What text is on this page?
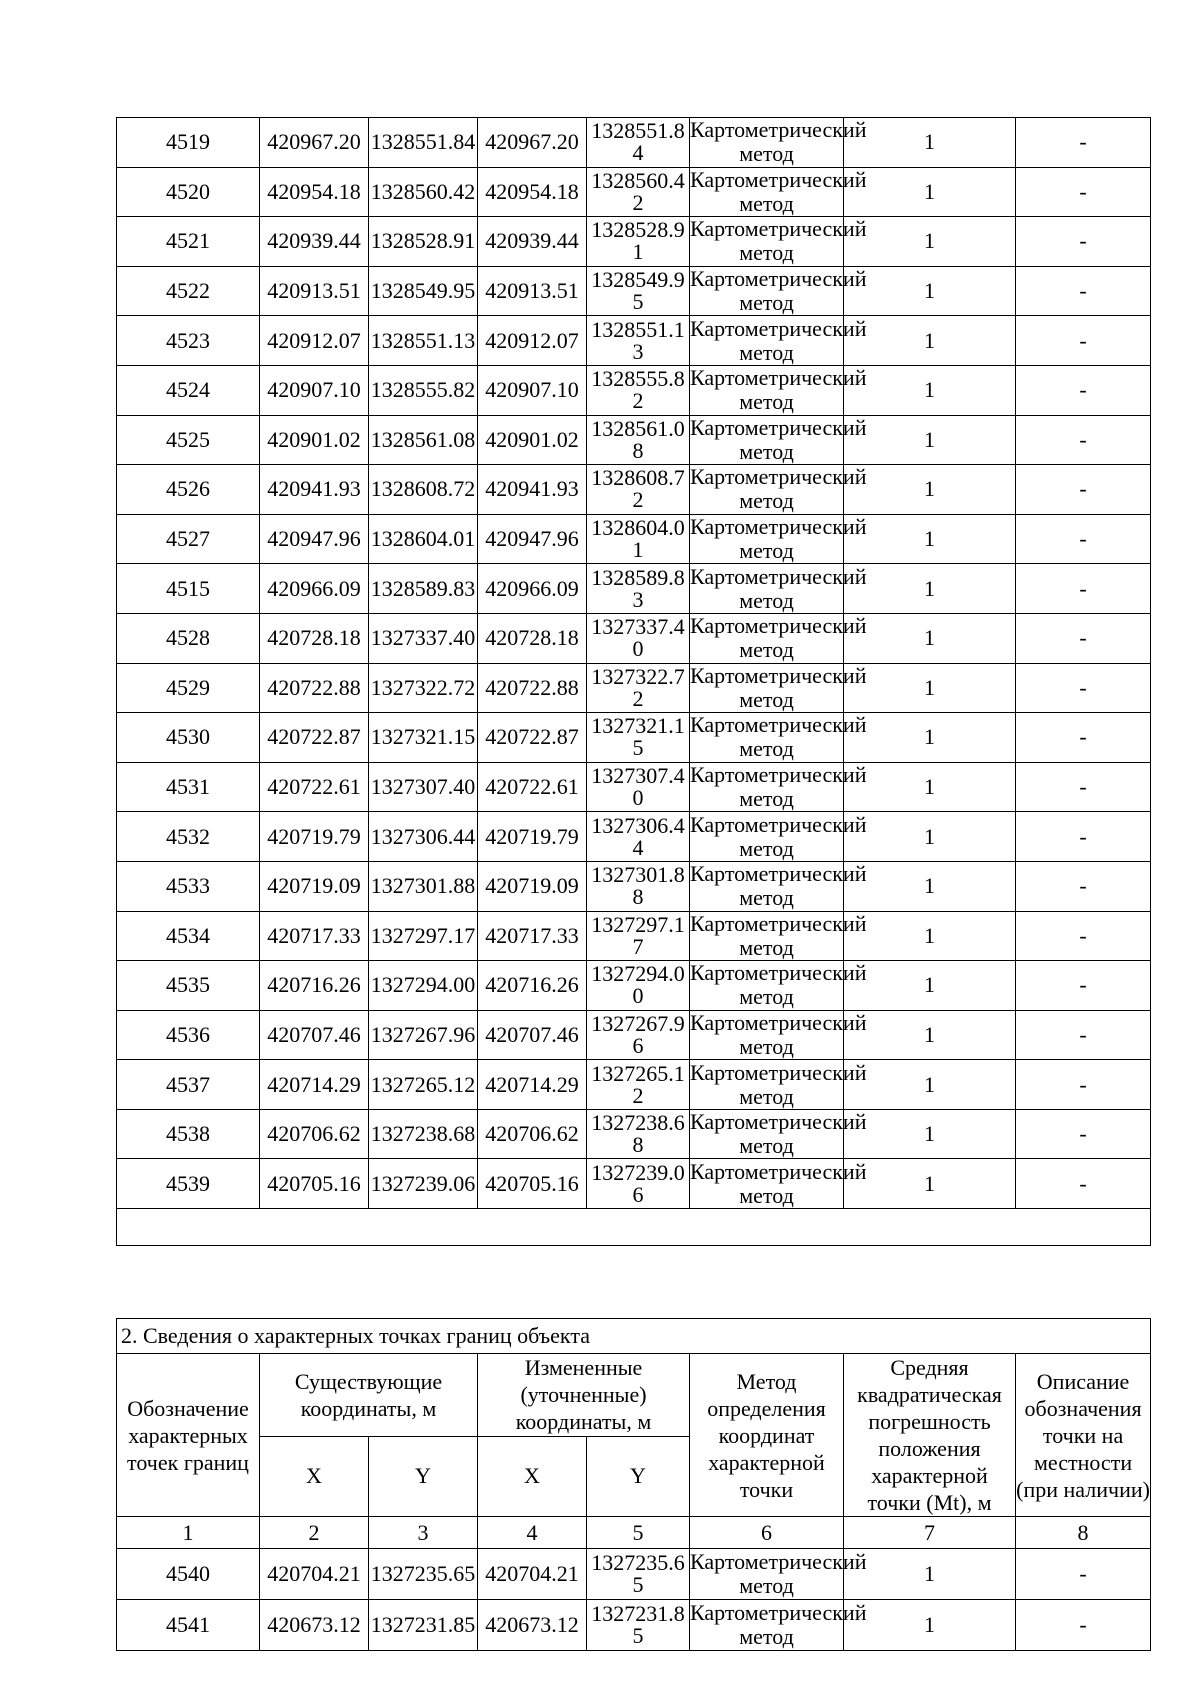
4519	420967.20	1328551.84	420967.20	1328551.84	Картометрический метод	1	-
4520	420954.18	1328560.42	420954.18	1328560.42	Картометрический метод	1	-
4521	420939.44	1328528.91	420939.44	1328528.91	Картометрический метод	1	-
4522	420913.51	1328549.95	420913.51	1328549.95	Картометрический метод	1	-
4523	420912.07	1328551.13	420912.07	1328551.13	Картометрический метод	1	-
4524	420907.10	1328555.82	420907.10	1328555.82	Картометрический метод	1	-
4525	420901.02	1328561.08	420901.02	1328561.08	Картометрический метод	1	-
4526	420941.93	1328608.72	420941.93	1328608.72	Картометрический метод	1	-
4527	420947.96	1328604.01	420947.96	1328604.01	Картометрический метод	1	-
4515	420966.09	1328589.83	420966.09	1328589.83	Картометрический метод	1	-
4528	420728.18	1327337.40	420728.18	1327337.40	Картометрический метод	1	-
4529	420722.88	1327322.72	420722.88	1327322.72	Картометрический метод	1	-
4530	420722.87	1327321.15	420722.87	1327321.15	Картометрический метод	1	-
4531	420722.61	1327307.40	420722.61	1327307.40	Картометрический метод	1	-
4532	420719.79	1327306.44	420719.79	1327306.44	Картометрический метод	1	-
4533	420719.09	1327301.88	420719.09	1327301.88	Картометрический метод	1	-
4534	420717.33	1327297.17	420717.33	1327297.17	Картометрический метод	1	-
4535	420716.26	1327294.00	420716.26	1327294.00	Картометрический метод	1	-
4536	420707.46	1327267.96	420707.46	1327267.96	Картометрический метод	1	-
4537	420714.29	1327265.12	420714.29	1327265.12	Картометрический метод	1	-
4538	420706.62	1327238.68	420706.62	1327238.68	Картометрический метод	1	-
4539	420705.16	1327239.06	420705.16	1327239.06	Картометрический метод	1	-

2. Сведения о характерных точках границ объекта							
Обозначение характерных точек границ	Существующие координаты, м		Измененные (уточненные) координаты, м		Метод определения координат характерной точки	Средняя квадратическая погрешность положения характерной точки (Mt), м	Описание обозначения точки на местности (при наличии)
	X	Y	X	Y			
1	2	3	4	5	6	7	8
4540	420704.21	1327235.65	420704.21	1327235.65	Картометрический метод	1	-
4541	420673.12	1327231.85	420673.12	1327231.85	Картометрический метод	1	-
